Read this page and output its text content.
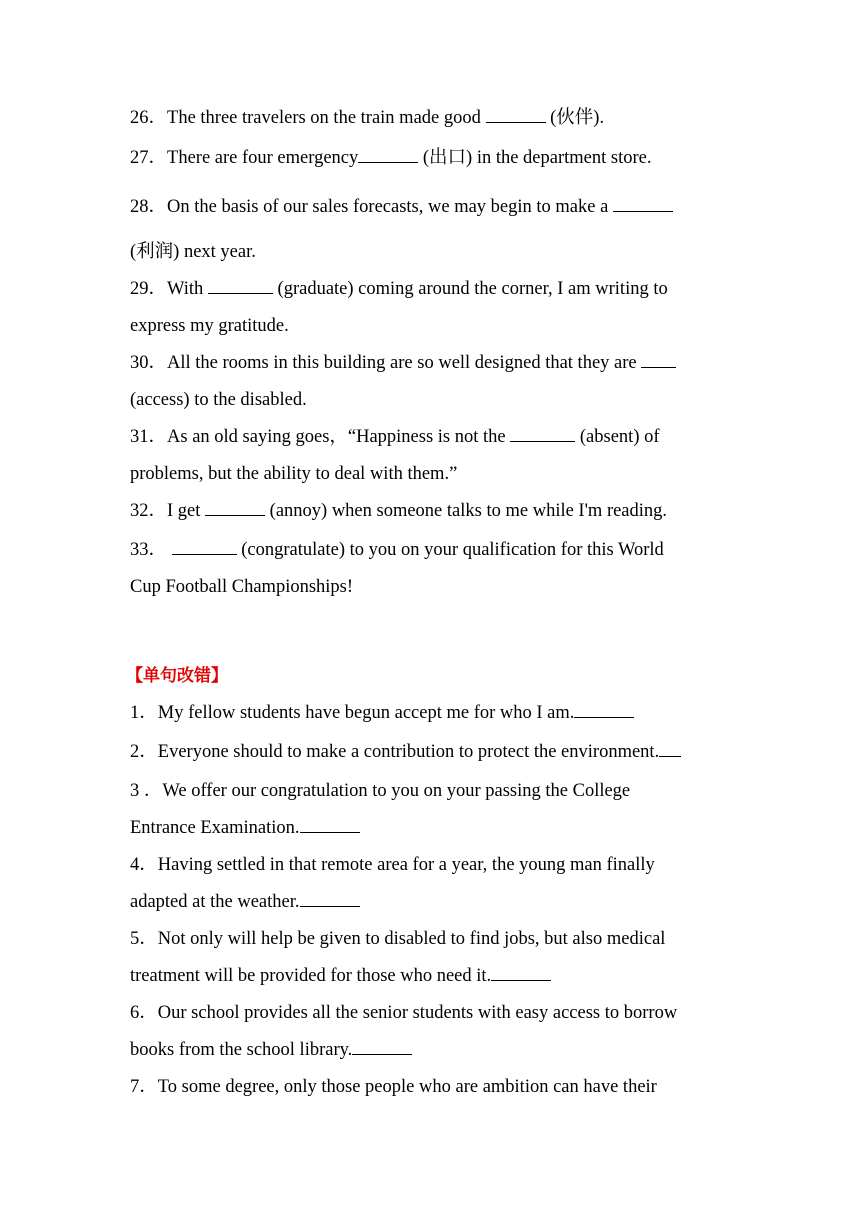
26．The three travelers on the train made good	(伙伴).

27．There are four emergency	(出口) in the department store.

28．On the basis of our sales forecasts, we may begin to make a

(利润) next year.

29．With	(graduate) coming around the corner, I am writing to

express my gratitude.

30．All the rooms in this building are so well designed that they are

(access) to the disabled.

31．As an old saying goes，“Happiness is not the	(absent) of

problems, but the ability to deal with them.”

32．I get	(annoy) when someone talks to me while I'm reading.

33．	(congratulate) to you on your qualification for this World

Cup Football Championships!

【单句改错】

1．My fellow students have begun accept me for who I am.

2．Everyone should to make a contribution to protect the environment.

3 ．We offer our congratulation to you on your passing the College

Entrance Examination.

4．Having settled in that remote area for a year, the young man finally

adapted at the weather.

5．Not only will help be given to disabled to find jobs, but also medical

treatment will be provided for those who need it.

6．Our school provides all the senior students with easy access to borrow

books from the school library.

7．To some degree, only those people who are ambition can have their
